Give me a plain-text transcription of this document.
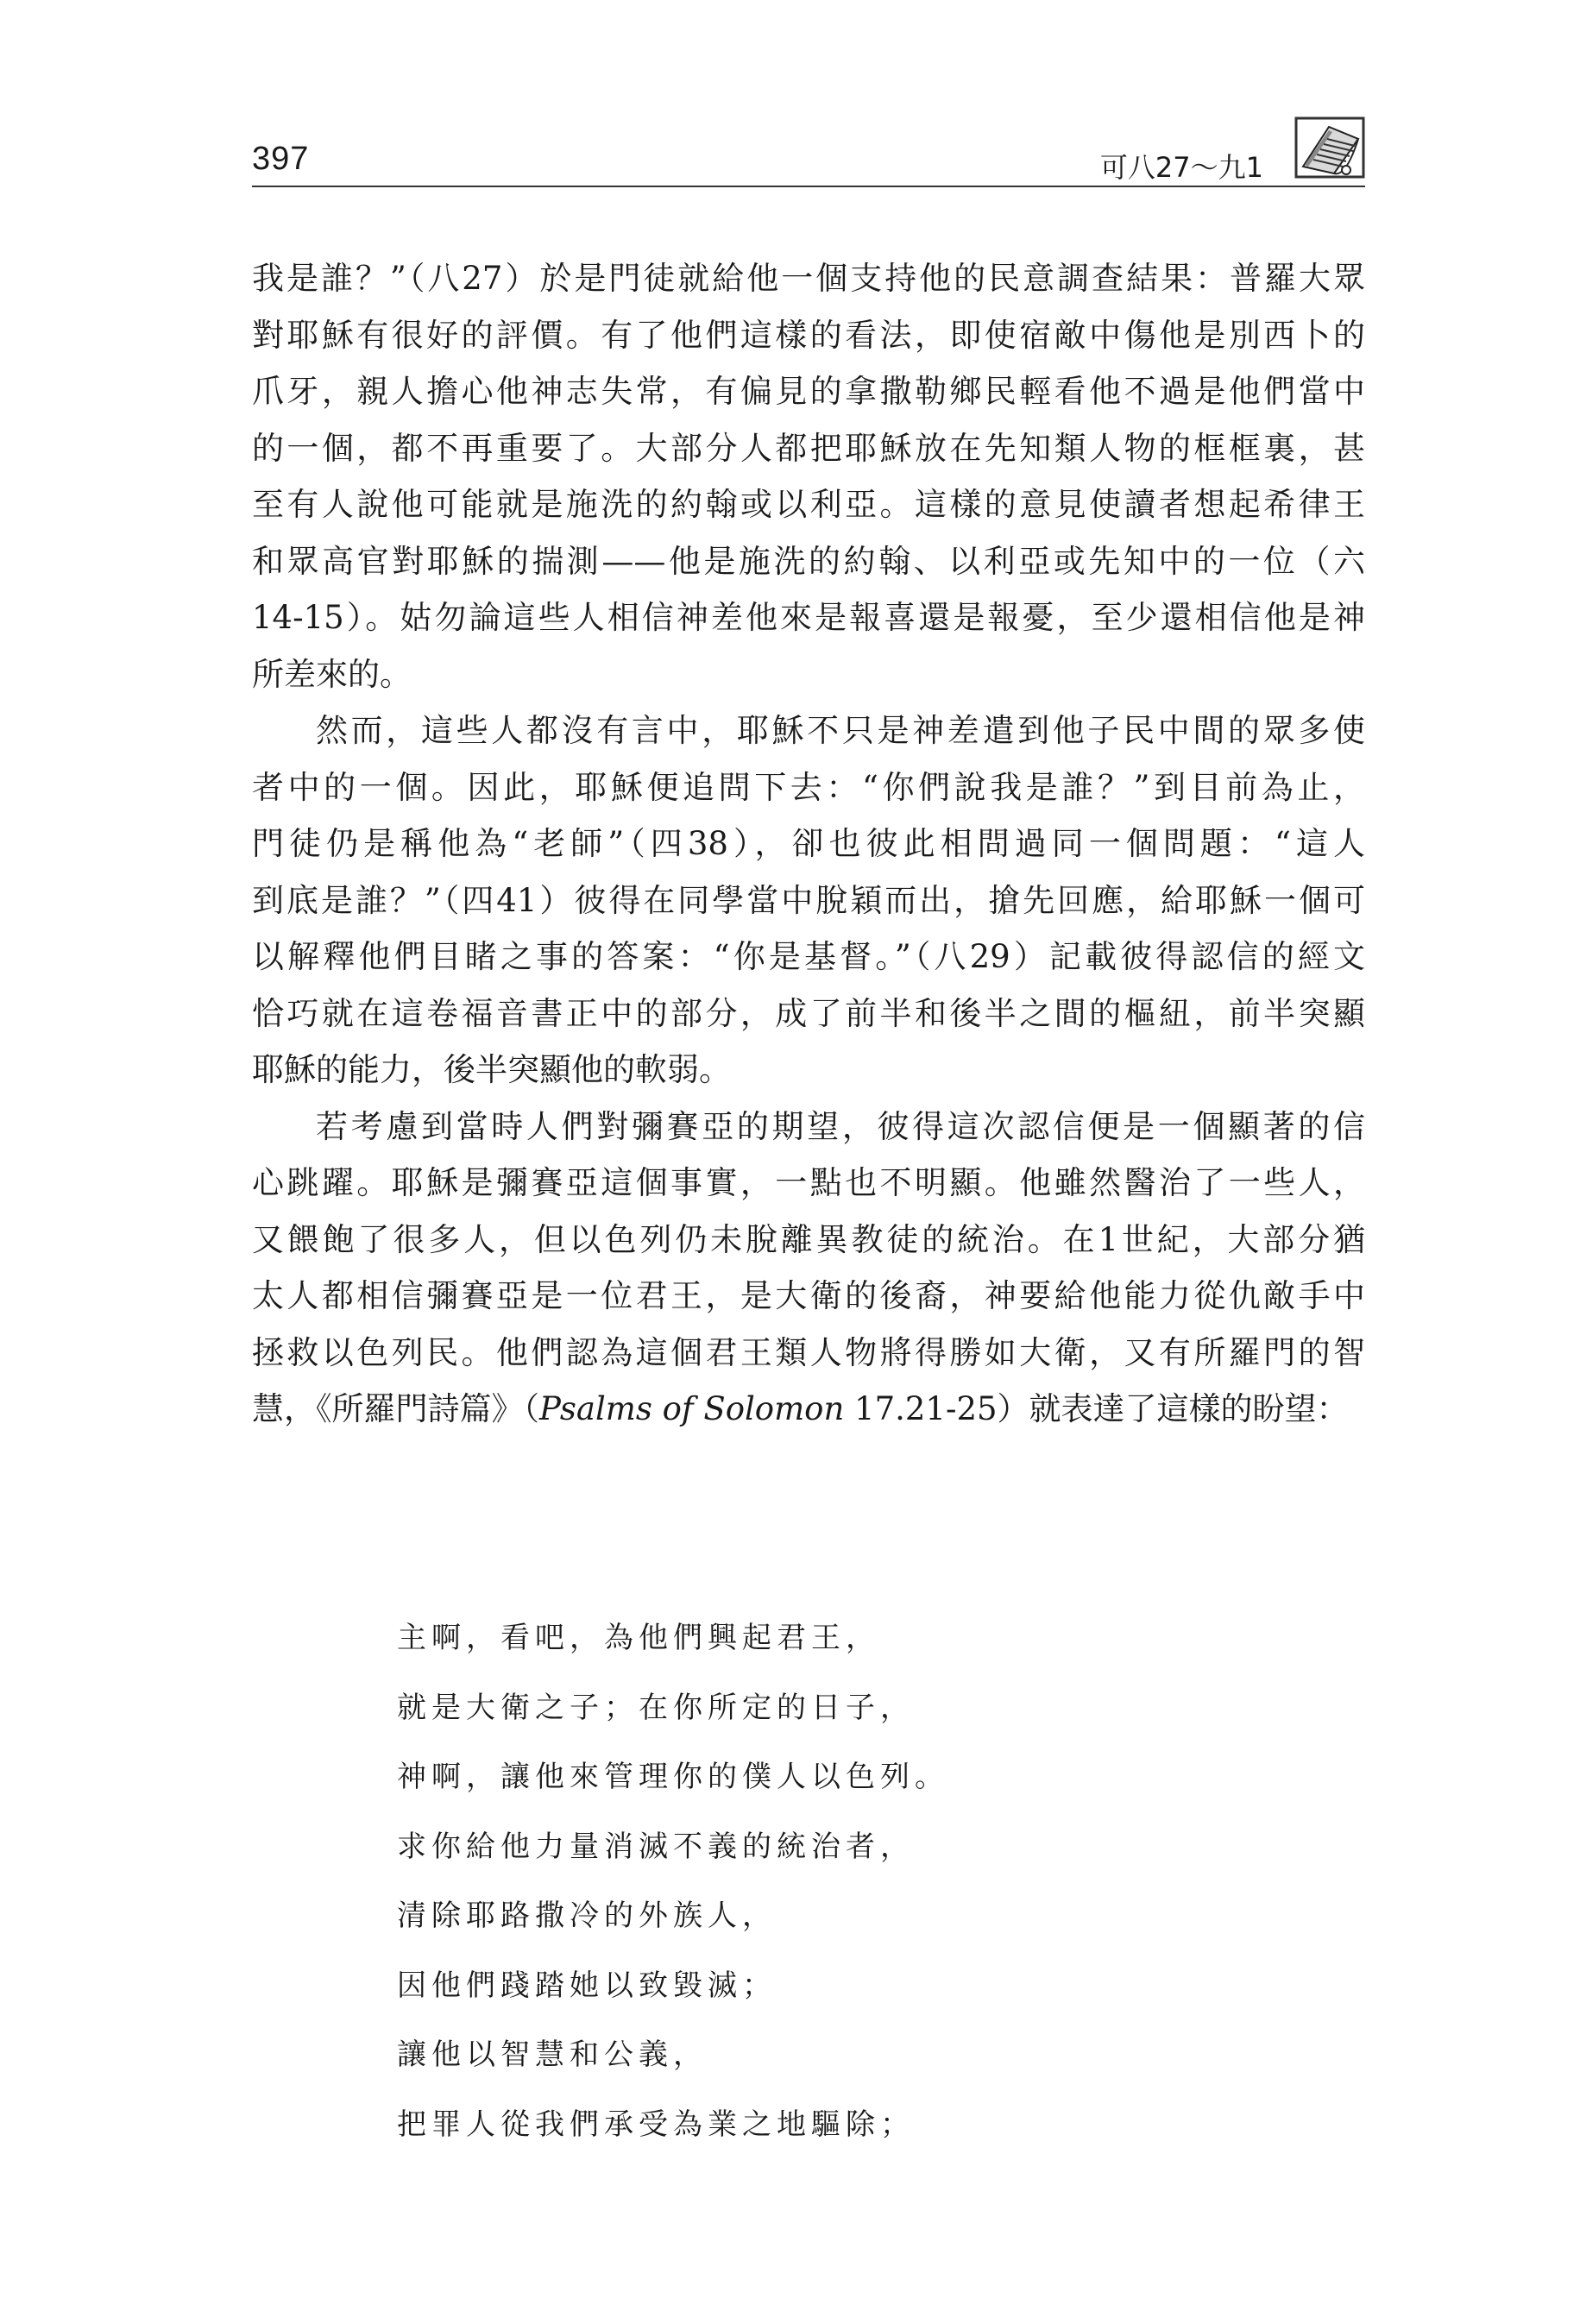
397	可八27～九1

我是誰？”（八27）於是門徒就給他一個支持他的民意調查結果：普羅大眾
對耶穌有很好的評價。有了他們這樣的看法，即使宿敵中傷他是別西卜的
爪牙，親人擔心他神志失常，有偏見的拿撒勒鄉民輕看他不過是他們當中
的一個，都不再重要了。大部分人都把耶穌放在先知類人物的框框裏，甚
至有人說他可能就是施洗的約翰或以利亞。這樣的意見使讀者想起希律王
和眾高官對耶穌的揣測——他是施洗的約翰、以利亞或先知中的一位（六
14-15）。姑勿論這些人相信神差他來是報喜還是報憂，至少還相信他是神
所差來的。

然而，這些人都沒有言中，耶穌不只是神差遣到他子民中間的眾多使
者中的一個。因此，耶穌便追問下去：“你們說我是誰？”到目前為止，
門徒仍是稱他為“老師”（四38），卻也彼此相問過同一個問題：“這人
到底是誰？”（四41）彼得在同學當中脫穎而出，搶先回應，給耶穌一個可
以解釋他們目睹之事的答案：“你是基督。”（八29）記載彼得認信的經文
恰巧就在這卷福音書正中的部分，成了前半和後半之間的樞紐，前半突顯
耶穌的能力，後半突顯他的軟弱。

若考慮到當時人們對彌賽亞的期望，彼得這次認信便是一個顯著的信
心跳躍。耶穌是彌賽亞這個事實，一點也不明顯。他雖然醫治了一些人，
又餵飽了很多人，但以色列仍未脫離異教徒的統治。在1世紀，大部分猶
太人都相信彌賽亞是一位君王，是大衛的後裔，神要給他能力從仇敵手中
拯救以色列民。他們認為這個君王類人物將得勝如大衛，又有所羅門的智
慧，《所羅門詩篇》（Psalms of Solomon 17.21-25）就表達了這樣的盼望：

主啊，看吧，為他們興起君王，
就是大衛之子；在你所定的日子，
神啊，讓他來管理你的僕人以色列。
求你給他力量消滅不義的統治者，
清除耶路撒冷的外族人，
因他們踐踏她以致毀滅；
讓他以智慧和公義，
把罪人從我們承受為業之地驅除；
